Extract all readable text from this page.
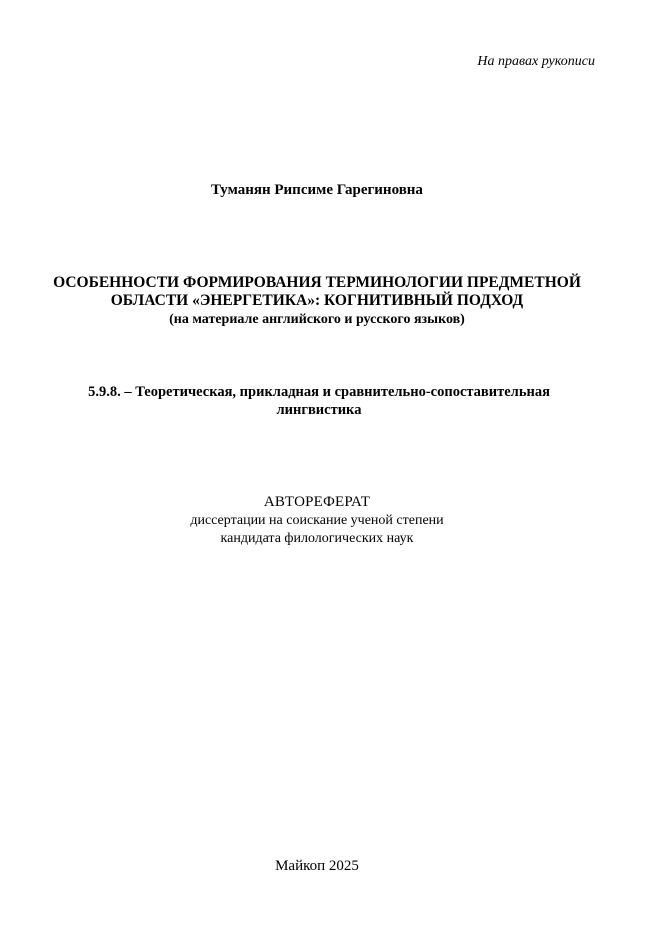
На правах рукописи
Туманян Рипсиме Гарегиновна
ОСОБЕННОСТИ ФОРМИРОВАНИЯ ТЕРМИНОЛОГИИ ПРЕДМЕТНОЙ
ОБЛАСТИ «ЭНЕРГЕТИКА»: КОГНИТИВНЫЙ ПОДХОД
(на материале английского и русского языков)
5.9.8. – Теоретическая, прикладная и сравнительно-сопоставительная
лингвистика
АВТОРЕФЕРАТ
диссертации на соискание ученой степени
кандидата филологических наук
Майкоп 2025
